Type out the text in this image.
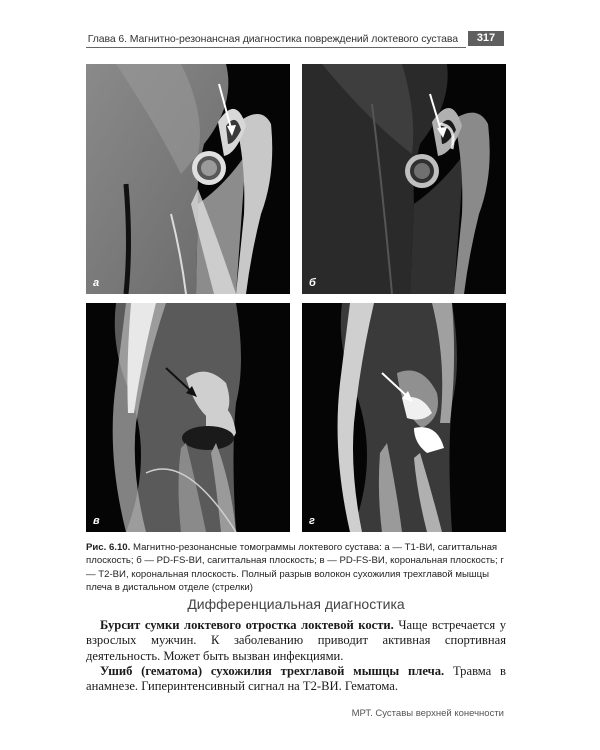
Глава 6. Магнитно-резонансная диагностика повреждений локтевого сустава	317
а	б
в	г
Рис. 6.10. Магнитно-резонансные томограммы локтевого сустава: а — Т1-ВИ, сагиттальная плоскость; б — PD-FS-ВИ, сагиттальная плоскость; в — PD-FS-ВИ, корональная плоскость; г — Т2-ВИ, корональная плоскость. Полный разрыв волокон сухожилия трехглавой мышцы плеча в дистальном отделе (стрелки)
Дифференциальная диагностика

Бурсит сумки локтевого отростка локтевой кости. Чаще встречается у взрослых мужчин. К заболеванию приводит активная спортивная деятельность. Может быть вызван инфекциями.

Ушиб (гематома) сухожилия трехглавой мышцы плеча. Травма в анамнезе. Гиперинтенсивный сигнал на Т2-ВИ. Гематома.

МРТ. Суставы верхней конечности
